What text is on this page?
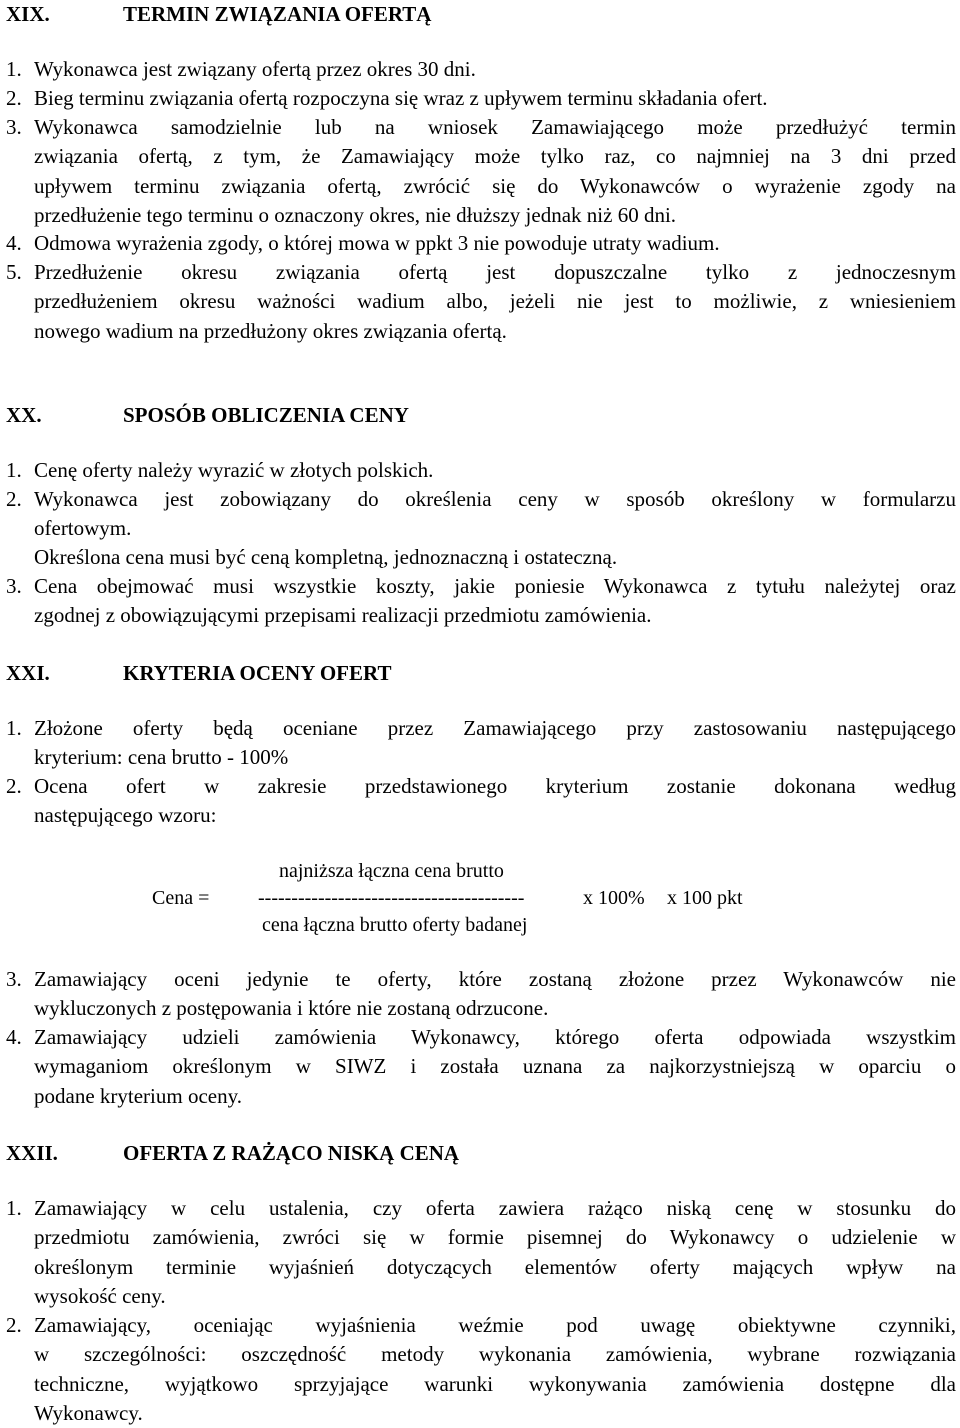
XIX.	TERMIN ZWIĄZANIA OFERTĄ
1. Wykonawca jest związany ofertą przez okres 30 dni.
2. Bieg terminu związania ofertą rozpoczyna się wraz z upływem terminu składania ofert.
3. Wykonawca samodzielnie lub na wniosek Zamawiającego może przedłużyć termin
związania ofertą, z tym, że Zamawiający może tylko raz, co najmniej na 3 dni przed
upływem terminu związania ofertą, zwrócić się do Wykonawców o wyrażenie zgody na
przedłużenie tego terminu o oznaczony okres, nie dłuższy jednak niż 60 dni.
4. Odmowa wyrażenia zgody, o której mowa w ppkt 3 nie powoduje utraty wadium.
5. Przedłużenie okresu związania ofertą jest dopuszczalne tylko z jednoczesnym
przedłużeniem okresu ważności wadium albo, jeżeli nie jest to możliwie, z wniesieniem
nowego wadium na przedłużony okres związania ofertą.
XX.	SPOSÓB OBLICZENIA CENY
1. Cenę oferty należy wyrazić w złotych polskich.
2. Wykonawca jest zobowiązany do określenia ceny w sposób określony w formularzu
ofertowym.
Określona cena musi być ceną kompletną, jednoznaczną i ostateczną.
3. Cena obejmować musi wszystkie koszty, jakie poniesie Wykonawca z tytułu należytej oraz
zgodnej z obowiązującymi przepisami realizacji przedmiotu zamówienia.
XXI.	KRYTERIA OCENY OFERT
1. Złożone oferty będą oceniane przez Zamawiającego przy zastosowaniu następującego
kryterium: cena brutto - 100%
2. Ocena ofert w zakresie przedstawionego kryterium zostanie dokonana według
następującego wzoru:
najniższa łączna cena brutto
Cena = ----------------------------------------	x 100% x 100 pkt
cena łączna brutto oferty badanej
3. Zamawiający oceni jedynie te oferty, które zostaną złożone przez Wykonawców nie
wykluczonych z postępowania i które nie zostaną odrzucone.
4. Zamawiający udzieli zamówienia Wykonawcy, którego oferta odpowiada wszystkim
wymaganiom określonym w SIWZ i została uznana za najkorzystniejszą w oparciu o
podane kryterium oceny.
XXII.	OFERTA Z RAŻĄCO NISKĄ CENĄ
1. Zamawiający w celu ustalenia, czy oferta zawiera rażąco niską cenę w stosunku do
przedmiotu zamówienia, zwróci się w formie pisemnej do Wykonawcy o udzielenie w
określonym terminie wyjaśnień dotyczących elementów oferty mających wpływ na
wysokość ceny.
2. Zamawiający, oceniając wyjaśnienia weźmie pod uwagę obiektywne czynniki,
w szczególności: oszczędność metody wykonania zamówienia, wybrane rozwiązania
techniczne, wyjątkowo sprzyjające warunki wykonywania zamówienia dostępne dla
Wykonawcy.
